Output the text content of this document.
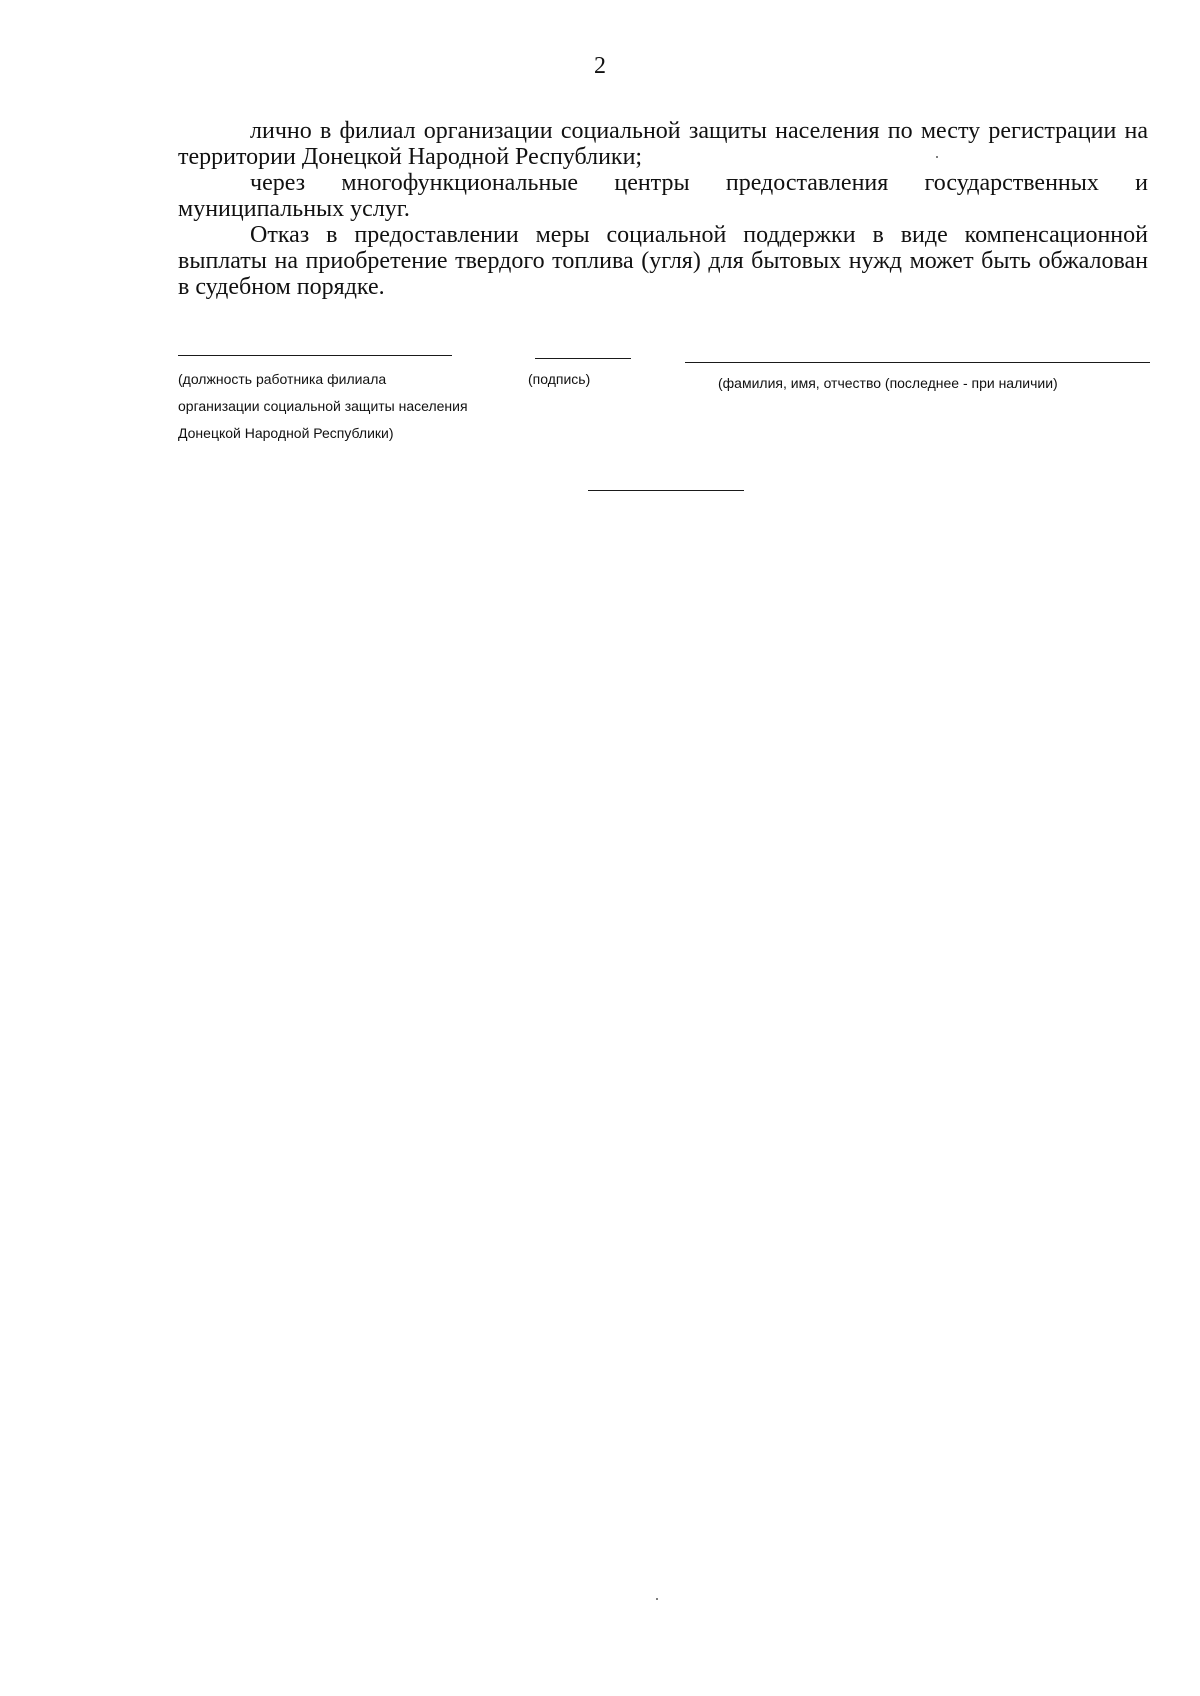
2

лично в филиал организации социальной защиты населения по месту регистрации на территории Донецкой Народной Республики;

через многофункциональные центры предоставления государственных и муниципальных услуг.

Отказ в предоставлении меры социальной поддержки в виде компенсационной выплаты на приобретение твердого топлива (угля) для бытовых нужд может быть обжалован в судебном порядке.

(должность работника филиала
организации социальной защиты населения
Донецкой Народной Республики)
(подпись)	(фамилия, имя, отчество (последнее - при наличии)
